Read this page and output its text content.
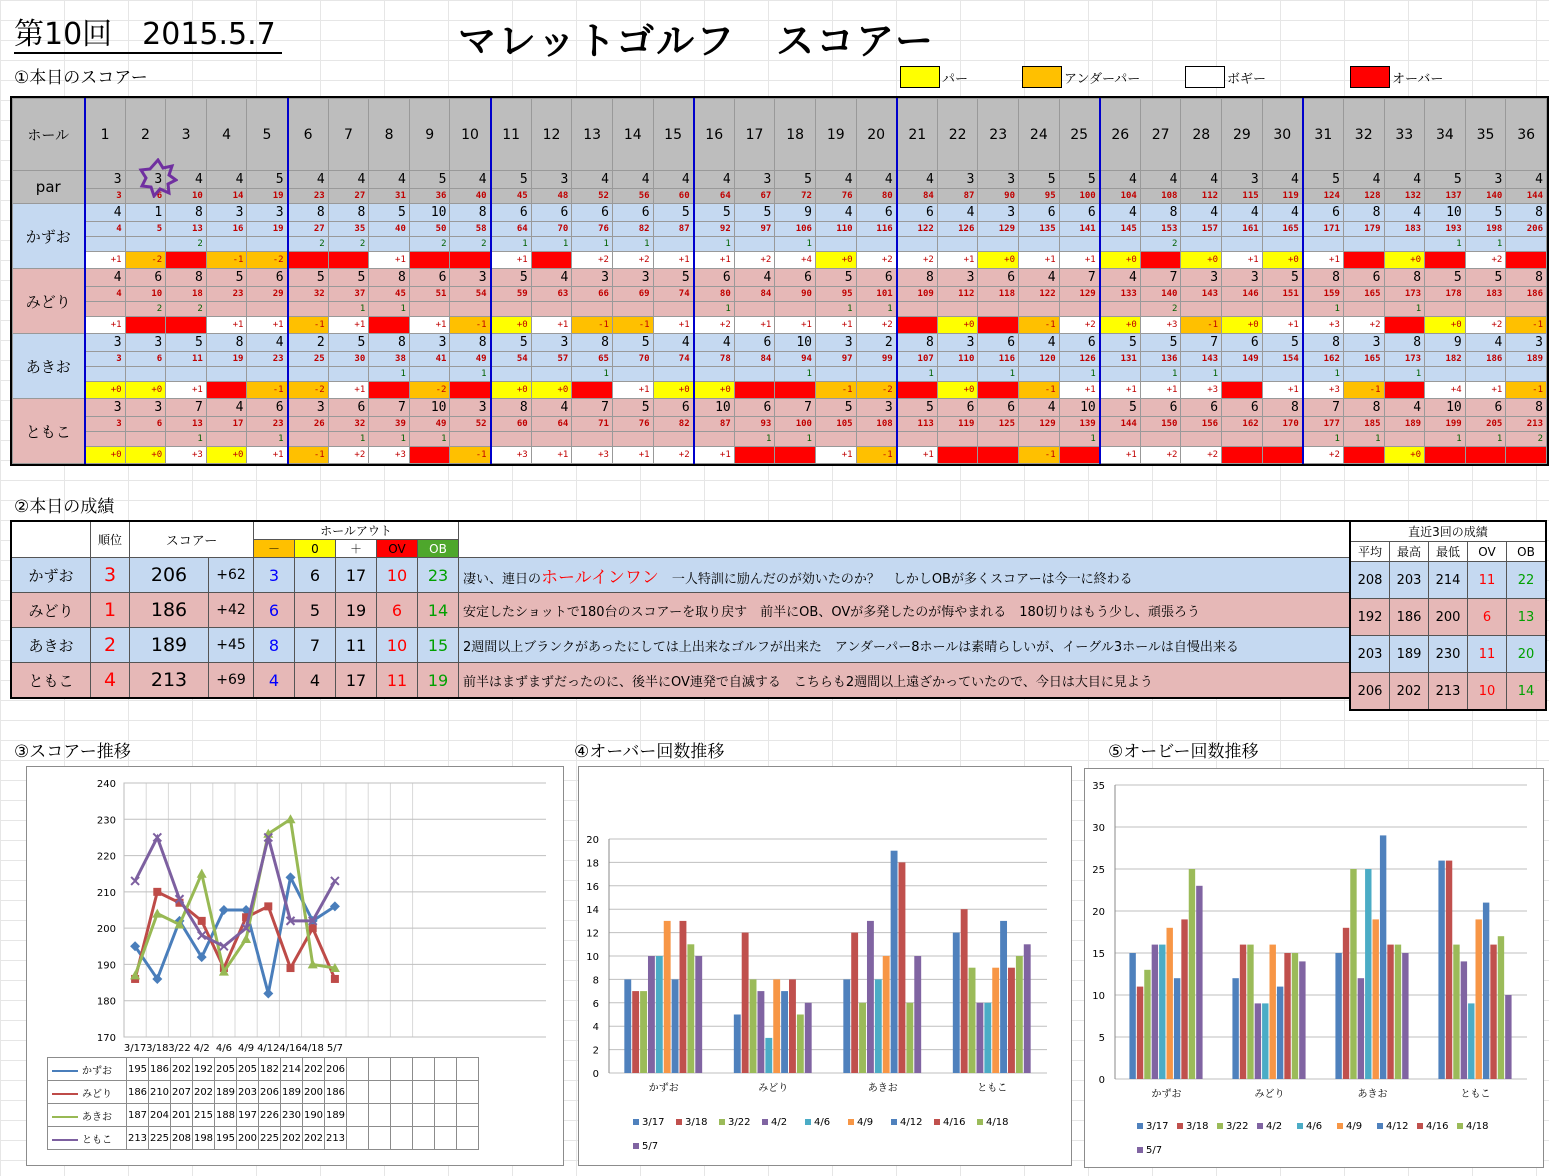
第10回　2015.5.7	マレットゴルフ　スコアー
①本日のスコアー	パー	アンダーパー	ボギー	オーバー
ホール	1	2	3	4	5	6	7	8	9	10	11	12	13	14	15	16	17	18	19	20	21	22	23	24	25	26	27	28	29	30	31	32	33	34	35	36
par	3	3	4	4	5	4	4	4	5	4	5	3	4	4	4	4	3	5	4	4	4	3	3	5	5	4	4	4	3	4	5	4	4	5	3	4
	3	6	10	14	19	23	27	31	36	40	45	48	52	56	60	64	67	72	76	80	84	87	90	95	100	104	108	112	115	119	124	128	132	137	140	144
かずお	4	1	8	3	3	8	8	5	10	8	6	6	6	6	5	5	5	9	4	6	6	4	3	6	6	4	8	4	4	4	6	8	4	10	5	8
	4	5	13	16	19	27	35	40	50	58	64	70	76	82	87	92	97	106	110	116	122	126	129	135	141	145	153	157	161	165	171	179	183	193	198	206
			2			2	2		2	2	1	1	1	1		1		1									2							1	1	
	+1	-2		-1	-2			+1			+1		+2	+2	+1	+1	+2	+4	+0	+2	+2	+1	+0	+1	+1	+0		+0	+1	+0	+1		+0		+2	
みどり	4	6	8	5	6	5	5	8	6	3	5	4	3	3	5	6	4	6	5	6	8	3	6	4	7	4	7	3	3	5	8	6	8	5	5	8
	4	10	18	23	29	32	37	45	51	54	59	63	66	69	74	80	84	90	95	101	109	112	118	122	129	133	140	143	146	151	159	165	173	178	183	186
		2	2				1	1								1			1	1							2				1		1			
	+1			+1	+1	-1	+1		+1	-1	+0	+1	-1	-1	+1	+2	+1	+1	+1	+2		+0		-1	+2	+0	+3	-1	+0	+1	+3	+2		+0	+2	-1
あきお	3	3	5	8	4	2	5	8	3	8	5	3	8	5	4	4	6	10	3	2	8	3	6	4	6	5	5	7	6	5	8	3	8	9	4	3
	3	6	11	19	23	25	30	38	41	49	54	57	65	70	74	78	84	94	97	99	107	110	116	120	126	131	136	143	149	154	162	165	173	182	186	189
								1		1			1					1			1		1		1		1	1			1		1			
	+0	+0	+1		-1	-2	+1		-2		+0	+0		+1	+0	+0			-1	-2		+0		-1	+1	+1	+1	+3		+1	+3	-1		+4	+1	-1
ともこ	3	3	7	4	6	3	6	7	10	3	8	4	7	5	6	10	6	7	5	3	5	6	6	4	10	5	6	6	6	8	7	8	4	10	6	8
	3	6	13	17	23	26	32	39	49	52	60	64	71	76	82	87	93	100	105	108	113	119	125	129	139	144	150	156	162	170	177	185	189	199	205	213
			1		1		1	1	1								1	1							1						1	1		1	1	2
	+0	+0	+3	+0	+1	-1	+2	+3		-1	+3	+1	+3	+1	+2	+1			+1	-1	+1			-1		+1	+2	+2			+2		+0			
②本日の成績
	順位	スコアー		ホールアウト					
				－	0	＋	OV	OB	
かずお	3	206	+62	3	6	17	10	23	凄い、連日のホールインワン　一人特訓に励んだのが効いたのか？　しかしOBが多くスコアーは今一に終わる
みどり	1	186	+42	6	5	19	6	14	安定したショットで180台のスコアーを取り戻す　前半にOB、OVが多発したのが悔やまれる　180切りはもう少し、頑張ろう
あきお	2	189	+45	8	7	11	10	15	2週間以上ブランクがあったにしては上出来なゴルフが出来た　アンダーパー8ホールは素晴らしいが、イーグル3ホールは自慢出来る
ともこ	4	213	+69	4	4	17	11	19	前半はまずまずだったのに、後半にOV連発で自滅する　こちらも2週間以上遠ざかっていたので、今日は大目に見よう
直近3回の成績				
平均	最高	最低	OV	OB
208	203	214	11	22
192	186	200	6	13
203	189	230	11	20
206	202	213	10	14
③スコアー推移	④オーバー回数推移	⑤オービー回数推移
170
180
190
200
210
220
230
240
3/17 3/18 3/22 4/2 4/6 4/9 4/12 4/16 4/18 5/7
かずお	195	186	202	192	205	205	182	214	202	206						
みどり	186	210	207	202	189	203	206	189	200	186						
あきお	187	204	201	215	188	197	226	230	190	189						
ともこ	213	225	208	198	195	200	225	202	202	213						
0
2
4
6
8
10
12
14
16
18
20
かずお	みどり	あきお	ともこ
3/17 3/18 3/22 4/2	4/6	4/9	4/12 4/16 4/18
5/7
0
5
10
15
20
25
30
35
かずお	みどり	あきお	ともこ
3/17 3/18 3/22 4/2 4/6 4/9 4/12 4/16 4/18
5/7
